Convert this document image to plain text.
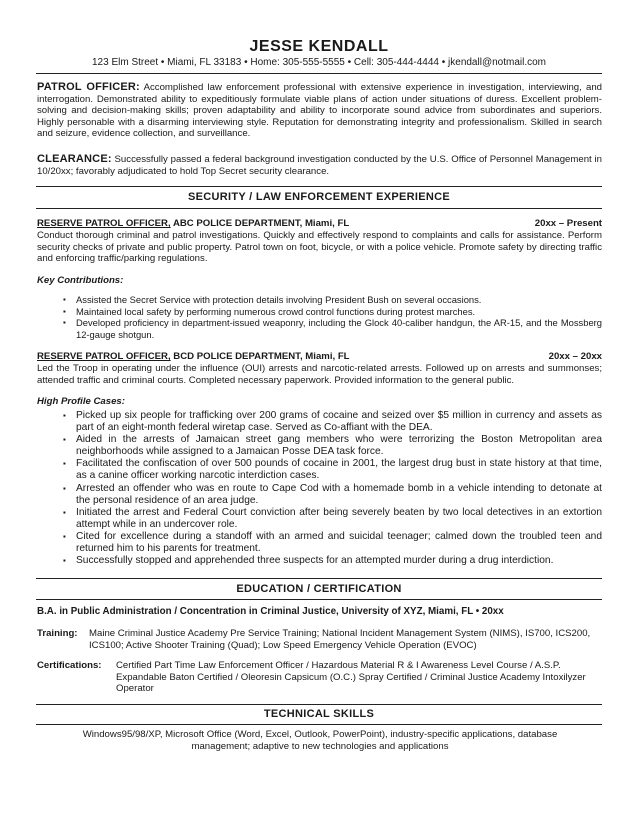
JESSE KENDALL
123 Elm Street • Miami, FL 33183 • Home: 305-555-5555 • Cell: 305-444-4444 • jkendall@notmail.com
PATROL OFFICER: Accomplished law enforcement professional with extensive experience in investigation, interviewing, and interrogation. Demonstrated ability to expeditiously formulate viable plans of action under situations of duress. Excellent problem-solving and decision-making skills; proven adaptability and ability to incorporate sound advice from subordinates and superiors. Highly personable with a disarming interviewing style. Reputation for demonstrating integrity and professionalism. Skilled in search and seizure, evidence collection, and surveillance.
CLEARANCE: Successfully passed a federal background investigation conducted by the U.S. Office of Personnel Management in 10/20xx; favorably adjudicated to hold Top Secret security clearance.
SECURITY / LAW ENFORCEMENT EXPERIENCE
RESERVE PATROL OFFICER, ABC POLICE DEPARTMENT, Miami, FL	20xx – Present
Conduct thorough criminal and patrol investigations. Quickly and effectively respond to complaints and calls for assistance. Perform security checks of private and public property. Patrol town on foot, bicycle, or with a police vehicle. Promote safety by directing traffic and enforcing traffic/parking regulations.
Key Contributions:
▪ Assisted the Secret Service with protection details involving President Bush on several occasions.
▪ Maintained local safety by performing numerous crowd control functions during protest marches.
▪ Developed proficiency in department-issued weaponry, including the Glock 40-caliber handgun, the AR-15, and the Mossberg 12-gauge shotgun.
RESERVE PATROL OFFICER, BCD POLICE DEPARTMENT, Miami, FL	20xx – 20xx
Led the Troop in operating under the influence (OUI) arrests and narcotic-related arrests. Followed up on arrests and summonses; attended traffic and criminal courts. Completed necessary paperwork. Provided information to the general public.
High Profile Cases:
▪ Picked up six people for trafficking over 200 grams of cocaine and seized over $5 million in currency and assets as part of an eight-month federal wiretap case. Served as Co-affiant with the DEA.
▪ Aided in the arrests of Jamaican street gang members who were terrorizing the Boston Metropolitan area neighborhoods while assigned to a Jamaican Posse DEA task force.
▪ Facilitated the confiscation of over 500 pounds of cocaine in 2001, the largest drug bust in state history at that time, as a canine officer working narcotic interdiction cases.
▪ Arrested an offender who was en route to Cape Cod with a homemade bomb in a vehicle intending to detonate at the personal residence of an area judge.
▪ Initiated the arrest and Federal Court conviction after being severely beaten by two local detectives in an extortion attempt while in an undercover role.
▪ Cited for excellence during a standoff with an armed and suicidal teenager; calmed down the troubled teen and returned him to his parents for treatment.
▪ Successfully stopped and apprehended three suspects for an attempted murder during a drug interdiction.
EDUCATION / CERTIFICATION
B.A. in Public Administration / Concentration in Criminal Justice, University of XYZ, Miami, FL • 20xx
Training: Maine Criminal Justice Academy Pre Service Training; National Incident Management System (NIMS), IS700, ICS200, ICS100; Active Shooter Training (Quad); Low Speed Emergency Vehicle Operation (EVOC)
Certifications: Certified Part Time Law Enforcement Officer / Hazardous Material R & I Awareness Level Course / A.S.P. Expandable Baton Certified / Oleoresin Capsicum (O.C.) Spray Certified / Criminal Justice Academy Intoxilyzer Operator
TECHNICAL SKILLS
Windows95/98/XP, Microsoft Office (Word, Excel, Outlook, PowerPoint), industry-specific applications, database management; adaptive to new technologies and applications
